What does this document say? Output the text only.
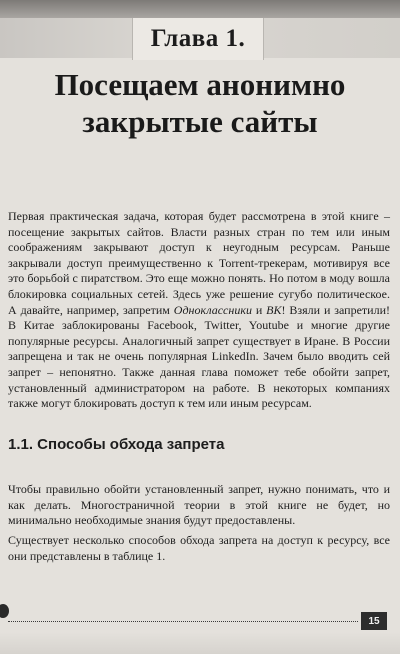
Глава 1.
Посещаем анонимно
закрытые сайты

Первая практическая задача, которая будет рассмотрена в этой книге – посещение закрытых сайтов. Власти разных стран по тем или иным соображениям закрывают доступ к неугодным ресурсам. Раньше закрывали доступ преимущественно к Torrent-трекерам, мотивируя все это борьбой с пиратством. Это еще можно понять. Но потом в моду вошла блокировка социальных сетей. Здесь уже решение сугубо политическое. А давайте, например, запретим Одноклассники и ВК! Взяли и запретили! В Китае заблокированы Facebook, Twitter, Youtube и многие другие популярные ресурсы. Аналогичный запрет существует в Иране. В России запрещена и так не очень популярная LinkedIn. Зачем было вводить сей запрет – непонятно. Также данная глава поможет тебе обойти запрет, установленный администратором на работе. В некоторых компаниях также могут блокировать доступ к тем или иным ресурсам.

1.1. Способы обхода запрета

Чтобы правильно обойти установленный запрет, нужно понимать, что и как делать. Многостраничной теории в этой книге не будет, но минимально необходимые знания будут предоставлены.

Существует несколько способов обхода запрета на доступ к ресурсу, все они представлены в таблице 1.

15
